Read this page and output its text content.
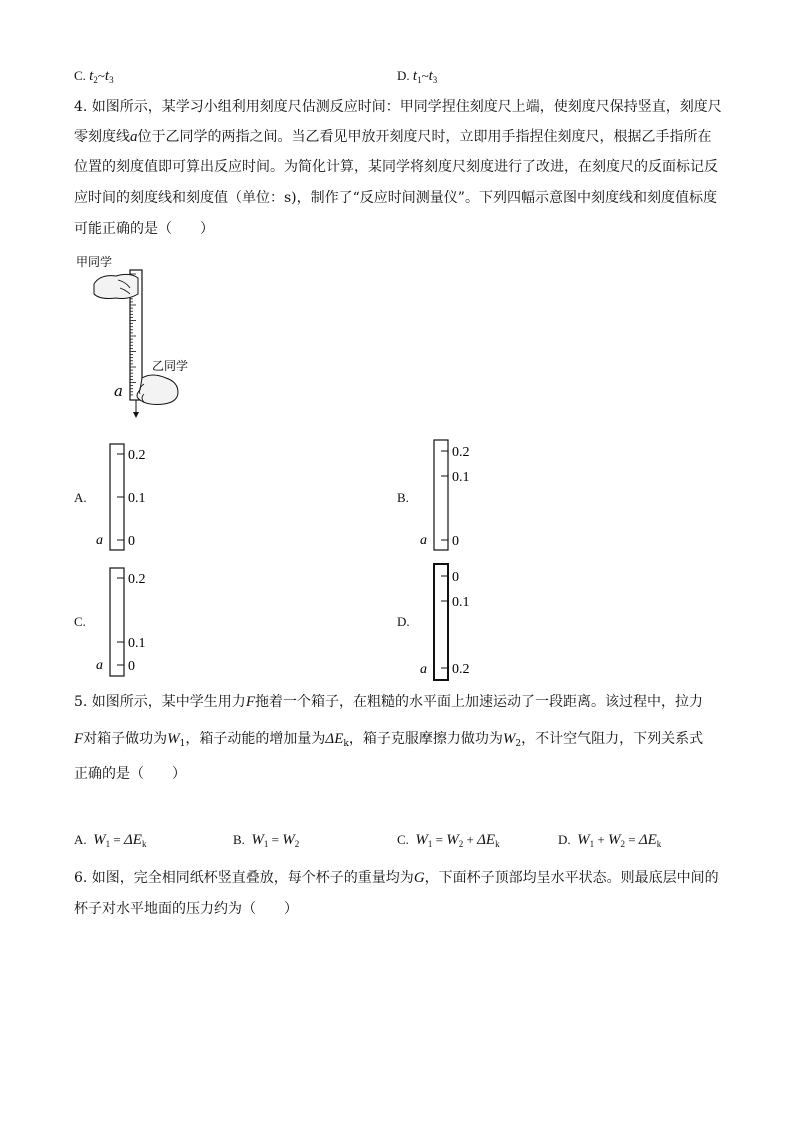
C. $t_2\sim t_3$	D. $t_1\sim t_3$
4. 如图所示，某学习小组利用刻度尺估测反应时间：甲同学捏住刻度尺上端，使刻度尺保持竖直，刻度尺
零刻度线a位于乙同学的两指之间。当乙看见甲放开刻度尺时，立即用手指捏住刻度尺，根据乙手指所在
位置的刻度值即可算出反应时间。为简化计算，某同学将刻度尺刻度进行了改进，在刻度尺的反面标记反
应时间的刻度线和刻度值（单位：s)，制作了“反应时间测量仪”。下列四幅示意图中刻度线和刻度值标度
可能正确的是（　　）
甲同学
乙同学
a
A.
0.2
0.1
0
a
B.
0.2
0.1
0
a
C.
0.2
0.1
0
a
D.
0
0.1
0.2
a
5. 如图所示，某中学生用力F拖着一个箱子，在粗糙的水平面上加速运动了一段距离。该过程中，拉力
F对箱子做功为$W_1$，箱子动能的增加量为$\Delta E_k$，箱子克服摩擦力做功为$W_2$，不计空气阻力，下列关系式
正确的是（　　）
A. $W_1 = \Delta E_k$	B. $W_1 = W_2$	C. $W_1 = W_2 + \Delta E_k$	D. $W_1 + W_2 = \Delta E_k$
6. 如图，完全相同纸杯竖直叠放，每个杯子的重量均为G，下面杯子顶部均呈水平状态。则最底层中间的
杯子对水平地面的压力约为（　　）
